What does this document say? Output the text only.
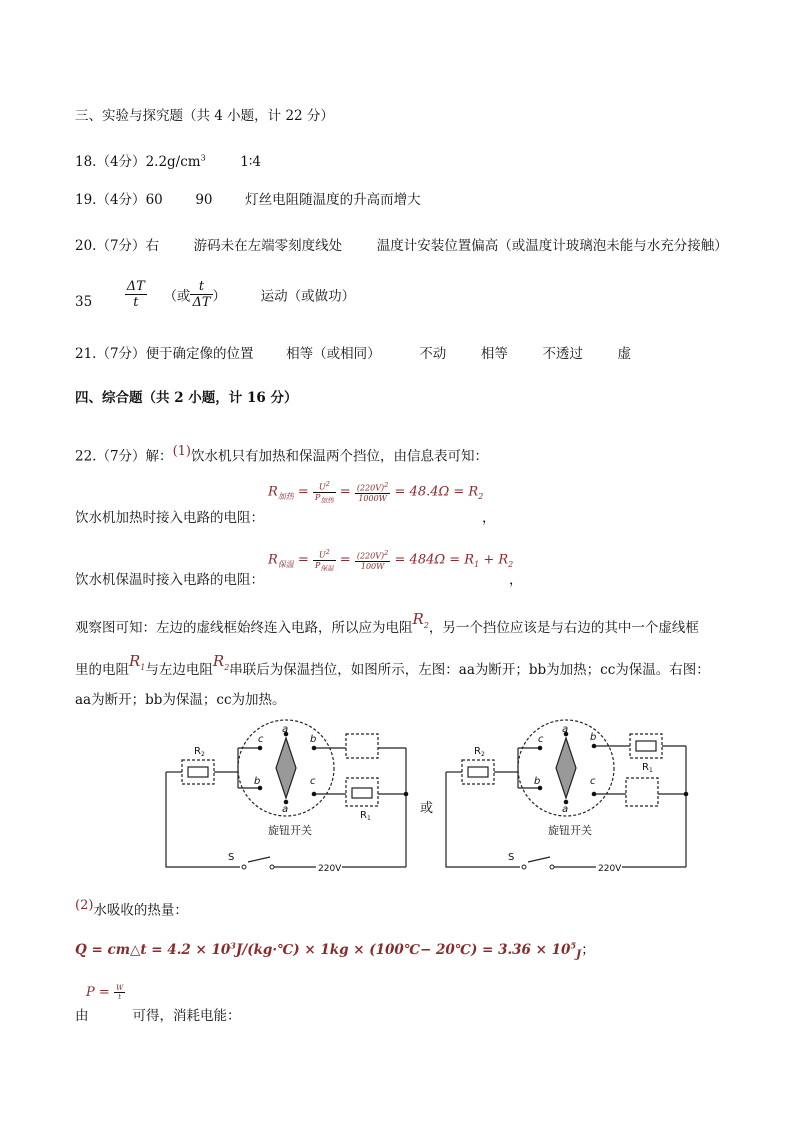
三、实验与探究题（共 4 小题，计 22 分）
18.（4分）$2.2g/cm^3$	1∶4
19.（4分）60 90 灯丝电阻随温度的升高而增大
20.（7分）右	游码未在左端零刻度线处	温度计安装位置偏高（或温度计玻璃泡未能与水充分接触）
35	$\frac{\Delta T}{t}$ （或 $\frac{t}{\Delta T}$ ）	运动（或做功）
21.（7分）便于确定像的位置 相等（或相同）	不动	相等	不透过	虚
四、综合题（共 2 小题，计 16 分）
22.（7分）解：$^{(1)}$饮水机只有加热和保温两个挡位，由信息表可知：
$R_{加热} = \frac{U^2}{P_{加热}} = \frac{(220V)^2}{1000W} = 48.4\Omega = R_2$
饮水机加热时接入电路的电阻：	，
$R_{保温} = \frac{U^2}{P_{保温}} = \frac{(220V)^2}{100W} = 484\Omega = R_1 + R_2$
饮水机保温时接入电路的电阻：	，
观察图可知：左边的虚线框始终连入电路，所以应为电阻$R_2$，另一个挡位应该是与右边的其中一个虚线框
里的电阻$R_1$与左边电阻$R_2$串联后为保温挡位，如图所示，左图：aa为断开；bb为加热；cc为保温。右图：
aa为断开；bb为保温；cc为加热。
R 2
R 1
a
a
c	b
b	c
旋钮开关
S
220V
或
R 2
R 1
a
a
c	b
b	c
旋钮开关
S
220V
$^{(2)}$水吸收的热量：
Q = cm△t = $4.2 \times 10^3J/(kg\cdot℃) \times 1kg$ × (100℃− 20℃) = $3.36 \times 10^5_J$；
$P = \frac{W}{t}$
由	可得，消耗电能：
